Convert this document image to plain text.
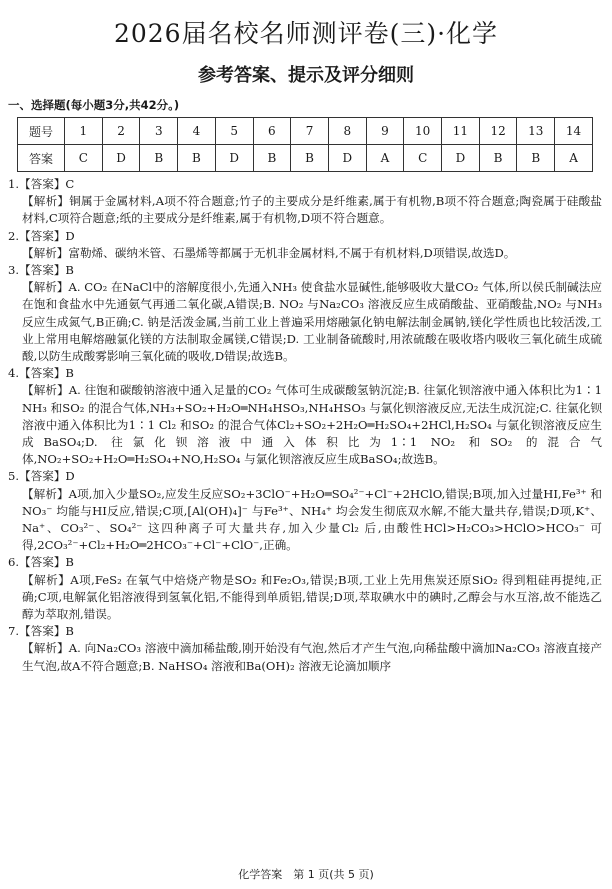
2026届名校名师测评卷(三)·化学
参考答案、提示及评分细则
一、选择题(每小题3分,共42分。)
题号	1	2	3	4	5	6	7	8	9	10	11	12	13	14
答案	C	D	B	B	D	B	B	D	A	C	D	B	B	A

1.【答案】C

【解析】铜属于金属材料,A项不符合题意;竹子的主要成分是纤维素,属于有机物,B项不符合题意;陶瓷属于硅酸盐材料,C项符合题意;纸的主要成分是纤维素,属于有机物,D项不符合题意。

2.【答案】D

【解析】富勒烯、碳纳米管、石墨烯等都属于无机非金属材料,不属于有机材料,D项错误,故选D。

3.【答案】B

【解析】A. CO₂ 在NaCl中的溶解度很小,先通入NH₃ 使食盐水显碱性,能够吸收大量CO₂ 气体,所以侯氏制碱法应在饱和食盐水中先通氨气再通二氧化碳,A错误;B. NO₂ 与Na₂CO₃ 溶液反应生成硝酸盐、亚硝酸盐,NO₂ 与NH₃ 反应生成氮气,B正确;C. 钠是活泼金属,当前工业上普遍采用熔融氯化钠电解法制金属钠,镁化学性质也比较活泼,工业上常用电解熔融氯化镁的方法制取金属镁,C错误;D. 工业制备硫酸时,用浓硫酸在吸收塔内吸收三氧化硫生成硫酸,以防生成酸雾影响三氧化硫的吸收,D错误;故选B。

4.【答案】B

【解析】A. 往饱和碳酸钠溶液中通入足量的CO₂ 气体可生成碳酸氢钠沉淀;B. 往氯化钡溶液中通入体积比为1∶1 NH₃ 和SO₂ 的混合气体,NH₃+SO₂+H₂O═NH₄HSO₃,NH₄HSO₃ 与氯化钡溶液反应,无法生成沉淀;C. 往氯化钡溶液中通入体积比为1∶1 Cl₂ 和SO₂ 的混合气体Cl₂+SO₂+2H₂O═H₂SO₄+2HCl,H₂SO₄ 与氯化钡溶液反应生成BaSO₄;D. 往氯化钡溶液中通入体积比为1∶1 NO₂ 和SO₂ 的混合气体,NO₂+SO₂+H₂O═H₂SO₄+NO,H₂SO₄ 与氯化钡溶液反应生成BaSO₄;故选B。

5.【答案】D

【解析】A项,加入少量SO₂,应发生反应SO₂+3ClO⁻+H₂O═SO₄²⁻+Cl⁻+2HClO,错误;B项,加入过量HI,Fe³⁺ 和NO₃⁻ 均能与HI反应,错误;C项,[Al(OH)₄]⁻ 与Fe³⁺、NH₄⁺ 均会发生彻底双水解,不能大量共存,错误;D项,K⁺、Na⁺、CO₃²⁻、SO₄²⁻ 这四种离子可大量共存,加入少量Cl₂ 后,由酸性HCl>H₂CO₃>HClO>HCO₃⁻ 可得,2CO₃²⁻+Cl₂+H₂O═2HCO₃⁻+Cl⁻+ClO⁻,正确。

6.【答案】B

【解析】A项,FeS₂ 在氧气中焙烧产物是SO₂ 和Fe₂O₃,错误;B项,工业上先用焦炭还原SiO₂ 得到粗硅再提纯,正确;C项,电解氯化铝溶液得到氢氧化铝,不能得到单质铝,错误;D项,萃取碘水中的碘时,乙醇会与水互溶,故不能选乙醇为萃取剂,错误。

7.【答案】B

【解析】A. 向Na₂CO₃ 溶液中滴加稀盐酸,刚开始没有气泡,然后才产生气泡,向稀盐酸中滴加Na₂CO₃ 溶液直接产生气泡,故A不符合题意;B. NaHSO₄ 溶液和Ba(OH)₂ 溶液无论滴加顺序

化学答案　第 1 页(共 5 页)
